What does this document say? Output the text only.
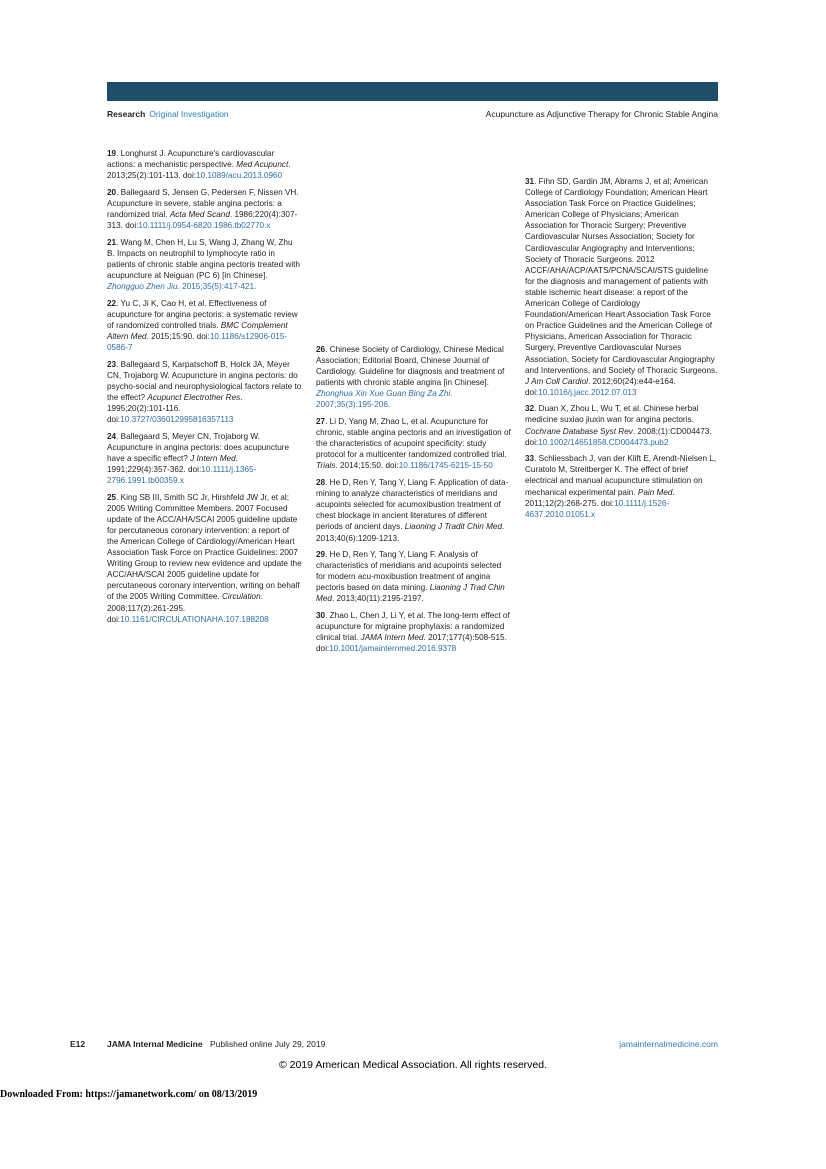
Research Original Investigation	Acupuncture as Adjunctive Therapy for Chronic Stable Angina

19. Longhurst J. Acupuncture's cardiovascular actions: a mechanistic perspective. Med Acupunct. 2013;25(2):101-113. doi:10.1089/acu.2013.0960

20. Ballegaard S, Jensen G, Pedersen F, Nissen VH. Acupuncture in severe, stable angina pectoris: a randomized trial. Acta Med Scand. 1986;220(4):307-313. doi:10.1111/j.0954-6820.1986.tb02770.x

21. Wang M, Chen H, Lu S, Wang J, Zhang W, Zhu B. Impacts on neutrophil to lymphocyte ratio in patients of chronic stable angina pectoris treated with acupuncture at Neiguan (PC 6) [in Chinese]. Zhongguo Zhen Jiu. 2015;35(5):417-421.

22. Yu C, Ji K, Cao H, et al. Effectiveness of acupuncture for angina pectoris: a systematic review of randomized controlled trials. BMC Complement Altern Med. 2015;15:90. doi:10.1186/s12906-015-0586-7

23. Ballegaard S, Karpatschoff B, Holck JA, Meyer CN, Trojaborg W. Acupuncture in angina pectoris: do psycho-social and neurophysiological factors relate to the effect? Acupunct Electrother Res. 1995;20(2):101-116. doi:10.3727/036012995816357113

24. Ballegaard S, Meyer CN, Trojaborg W. Acupuncture in angina pectoris: does acupuncture have a specific effect? J Intern Med. 1991;229(4):357-362. doi:10.1111/j.1365-2796.1991.tb00359.x

25. King SB III, Smith SC Jr, Hirshfeld JW Jr, et al; 2005 Writing Committee Members. 2007 Focused update of the ACC/AHA/SCAI 2005 guideline update for percutaneous coronary intervention: a report of the American College of Cardiology/American Heart Association Task Force on Practice Guidelines: 2007 Writing Group to review new evidence and update the ACC/AHA/SCAI 2005 guideline update for percutaneous coronary intervention, writing on behalf of the 2005 Writing Committee. Circulation. 2008;117(2):261-295. doi:10.1161/CIRCULATIONAHA.107.188208

26. Chinese Society of Cardiology, Chinese Medical Association; Editorial Board, Chinese Journal of Cardiology. Guideline for diagnosis and treatment of patients with chronic stable angina [in Chinese]. Zhonghua Xin Xue Guan Bing Za Zhi. 2007;35(3):195-206.

27. Li D, Yang M, Zhao L, et al. Acupuncture for chronic, stable angina pectoris and an investigation of the characteristics of acupoint specificity: study protocol for a multicenter randomized controlled trial. Trials. 2014;15:50. doi:10.1186/1745-6215-15-50

28. He D, Ren Y, Tang Y, Liang F. Application of data-mining to analyze characteristics of meridians and acupoints selected for acumoxibustion treatment of chest blockage in ancient literatures of different periods of ancient days. Liaoning J Tradit Chin Med. 2013;40(6):1209-1213.

29. He D, Ren Y, Tang Y, Liang F. Analysis of characteristics of meridians and acupoints selected for modern acu-moxibustion treatment of angina pectoris based on data mining. Liaoning J Trad Chin Med. 2013;40(11):2195-2197.

30. Zhao L, Chen J, Li Y, et al. The long-term effect of acupuncture for migraine prophylaxis: a randomized clinical trial. JAMA Intern Med. 2017;177(4):508-515. doi:10.1001/jamainternmed.2016.9378

31. Fihn SD, Gardin JM, Abrams J, et al; American College of Cardiology Foundation; American Heart Association Task Force on Practice Guidelines; American College of Physicians; American Association for Thoracic Surgery; Preventive Cardiovascular Nurses Association; Society for Cardiovascular Angiography and Interventions; Society of Thoracic Surgeons. 2012 ACCF/AHA/ACP/AATS/PCNA/SCAI/STS guideline for the diagnosis and management of patients with stable ischemic heart disease: a report of the American College of Cardiology Foundation/American Heart Association Task Force on Practice Guidelines and the American College of Physicians, American Association for Thoracic Surgery, Preventive Cardiovascular Nurses Association, Society for Cardiovascular Angiography and Interventions, and Society of Thoracic Surgeons. J Am Coll Cardiol. 2012;60(24):e44-e164. doi:10.1016/j.jacc.2012.07.013

32. Duan X, Zhou L, Wu T, et al. Chinese herbal medicine suxiao jiuxin wan for angina pectoris. Cochrane Database Syst Rev. 2008;(1):CD004473. doi:10.1002/14651858.CD004473.pub2

33. Schliessbach J, van der Klift E, Arendt-Nielsen L, Curatolo M, Streitberger K. The effect of brief electrical and manual acupuncture stimulation on mechanical experimental pain. Pain Med. 2011;12(2):268-275. doi:10.1111/j.1526-4637.2010.01051.x

E12	JAMA Internal Medicine Published online July 29, 2019	jamainternalmedicine.com
© 2019 American Medical Association. All rights reserved.
Downloaded From: https://jamanetwork.com/ on 08/13/2019
